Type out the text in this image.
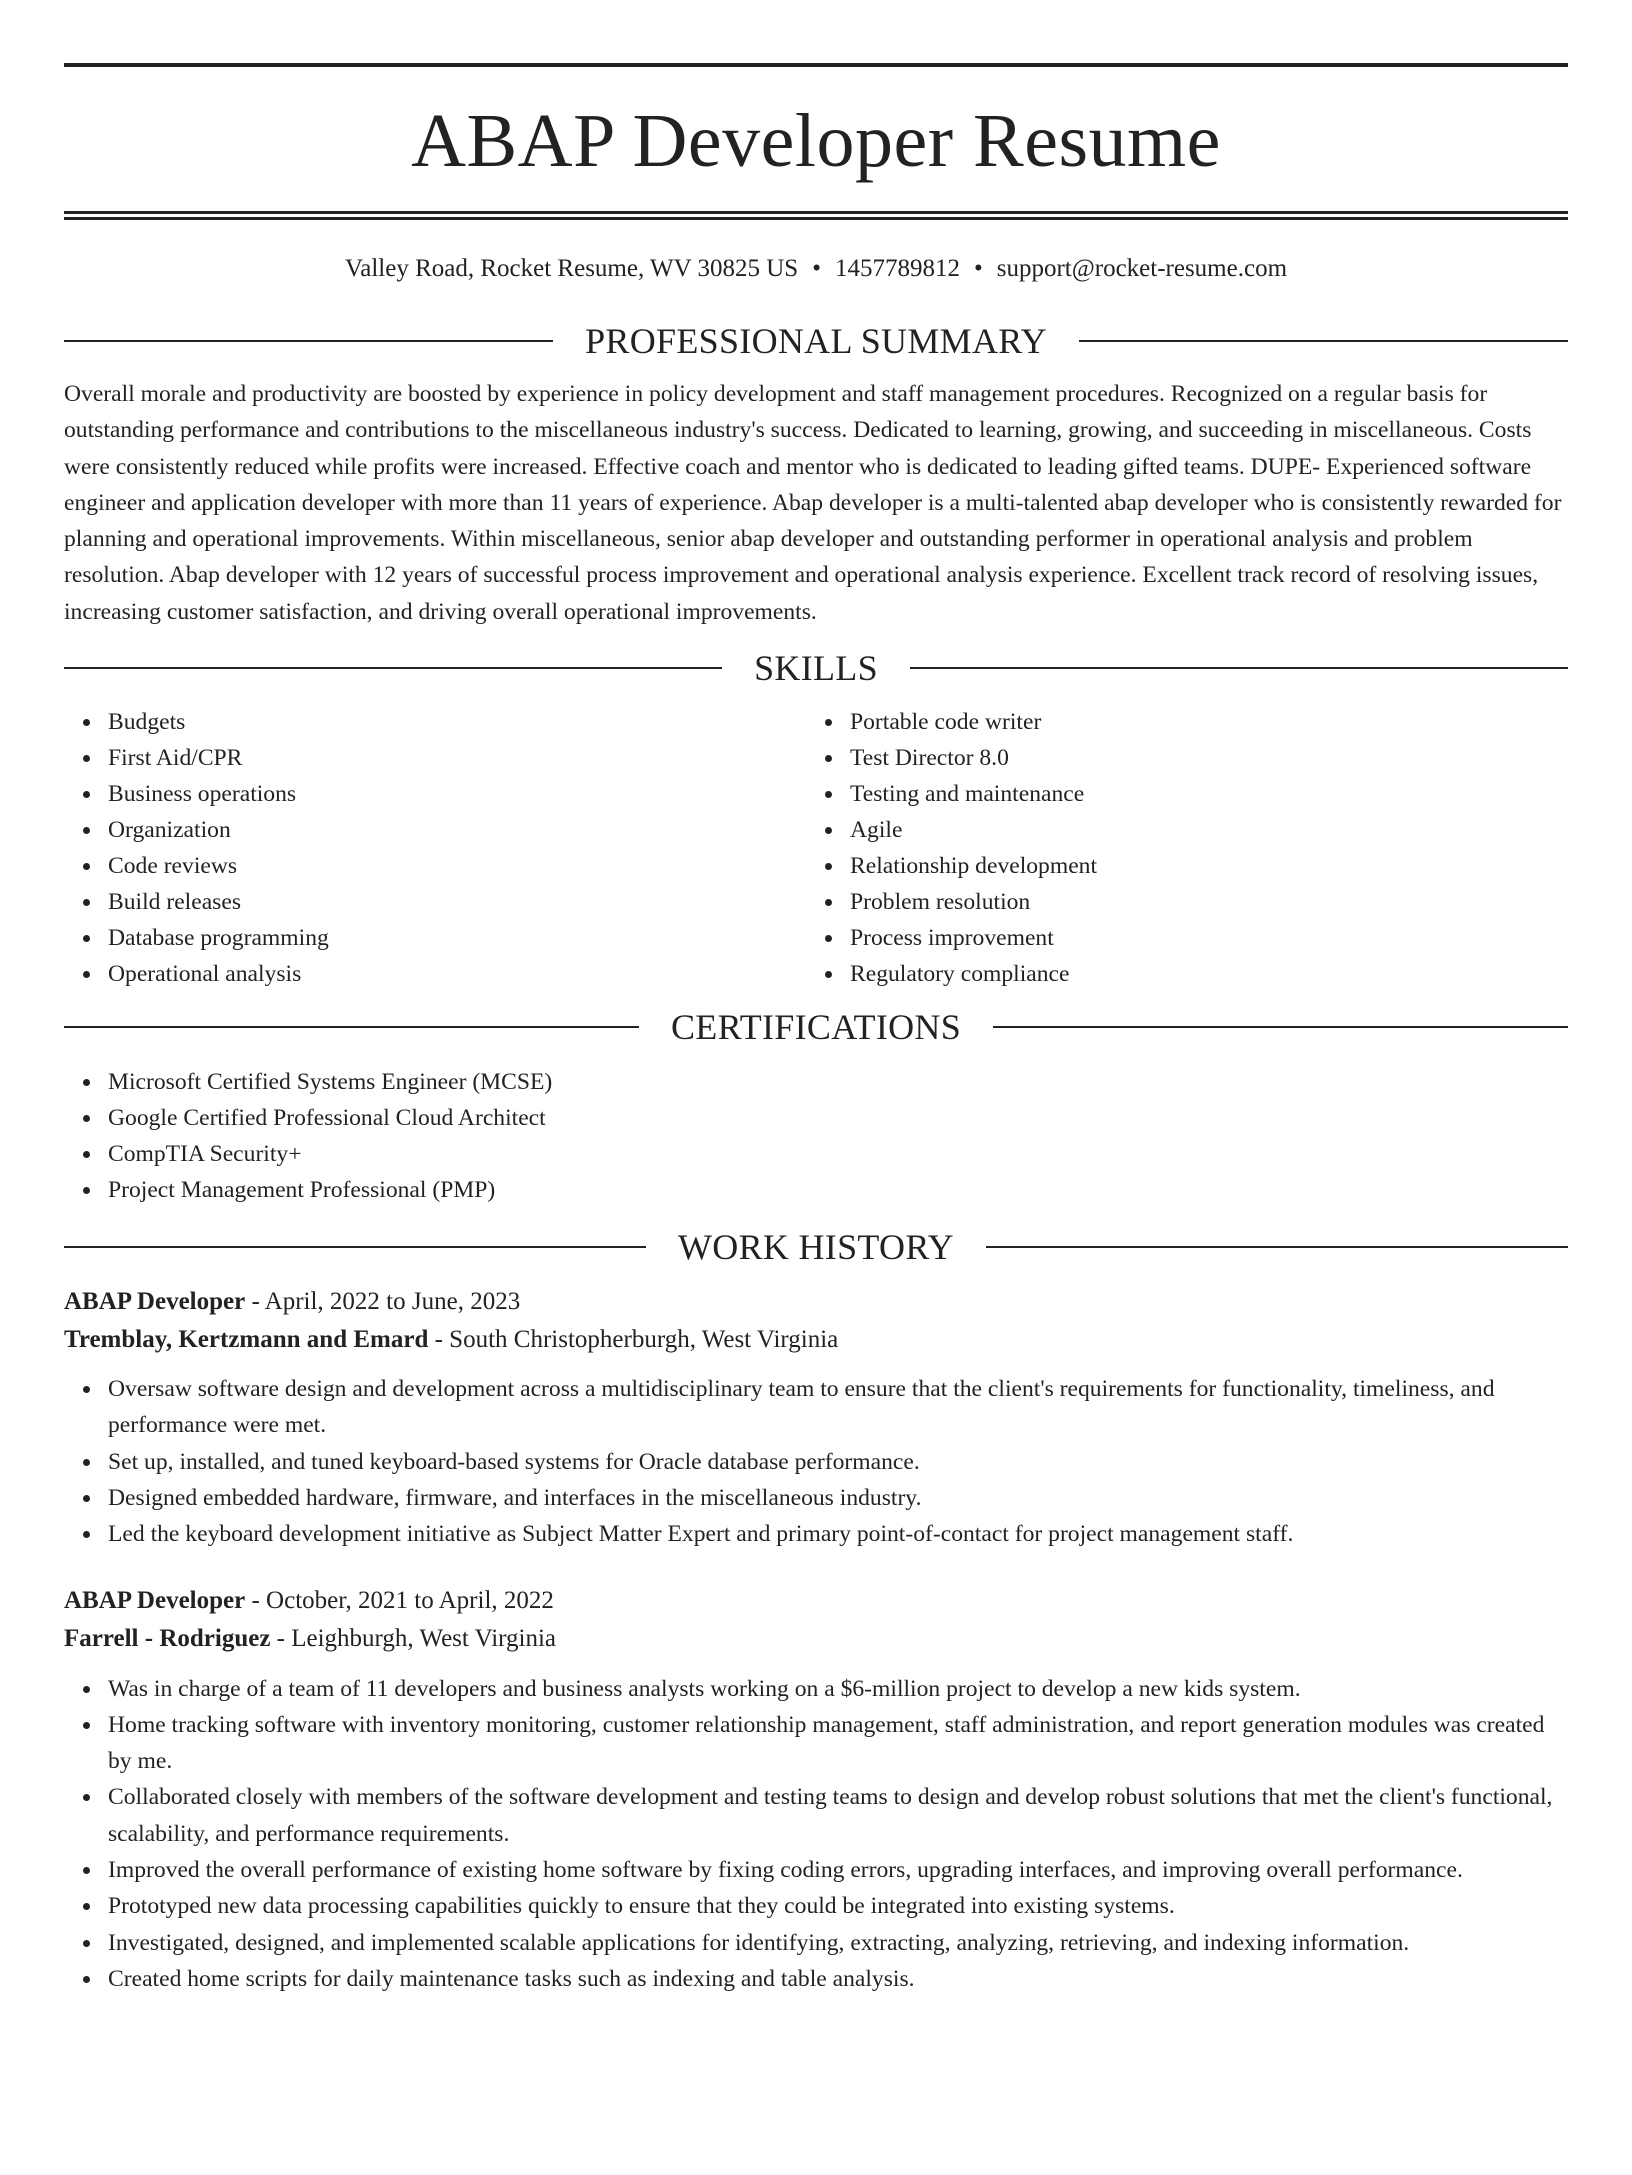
ABAP Developer Resume
Valley Road, Rocket Resume, WV 30825 US • 1457789812 • support@rocket-resume.com
PROFESSIONAL SUMMARY

Overall morale and productivity are boosted by experience in policy development and staff management procedures. Recognized on a regular basis for outstanding performance and contributions to the miscellaneous industry's success. Dedicated to learning, growing, and succeeding in miscellaneous. Costs were consistently reduced while profits were increased. Effective coach and mentor who is dedicated to leading gifted teams. DUPE- Experienced software engineer and application developer with more than 11 years of experience. Abap developer is a multi-talented abap developer who is consistently rewarded for planning and operational improvements. Within miscellaneous, senior abap developer and outstanding performer in operational analysis and problem resolution. Abap developer with 12 years of successful process improvement and operational analysis experience. Excellent track record of resolving issues, increasing customer satisfaction, and driving overall operational improvements.

SKILLS
Budgets
First Aid/CPR
Business operations
Organization
Code reviews
Build releases
Database programming
Operational analysis
Portable code writer
Test Director 8.0
Testing and maintenance
Agile
Relationship development
Problem resolution
Process improvement
Regulatory compliance
CERTIFICATIONS
Microsoft Certified Systems Engineer (MCSE)
Google Certified Professional Cloud Architect
CompTIA Security+
Project Management Professional (PMP)
WORK HISTORY
ABAP Developer - April, 2022 to June, 2023
Tremblay, Kertzmann and Emard - South Christopherburgh, West Virginia
Oversaw software design and development across a multidisciplinary team to ensure that the client's requirements for functionality, timeliness, and performance were met.
Set up, installed, and tuned keyboard-based systems for Oracle database performance.
Designed embedded hardware, firmware, and interfaces in the miscellaneous industry.
Led the keyboard development initiative as Subject Matter Expert and primary point-of-contact for project management staff.
ABAP Developer - October, 2021 to April, 2022
Farrell - Rodriguez - Leighburgh, West Virginia
Was in charge of a team of 11 developers and business analysts working on a $6-million project to develop a new kids system.
Home tracking software with inventory monitoring, customer relationship management, staff administration, and report generation modules was created by me.
Collaborated closely with members of the software development and testing teams to design and develop robust solutions that met the client's functional, scalability, and performance requirements.
Improved the overall performance of existing home software by fixing coding errors, upgrading interfaces, and improving overall performance.
Prototyped new data processing capabilities quickly to ensure that they could be integrated into existing systems.
Investigated, designed, and implemented scalable applications for identifying, extracting, analyzing, retrieving, and indexing information.
Created home scripts for daily maintenance tasks such as indexing and table analysis.
